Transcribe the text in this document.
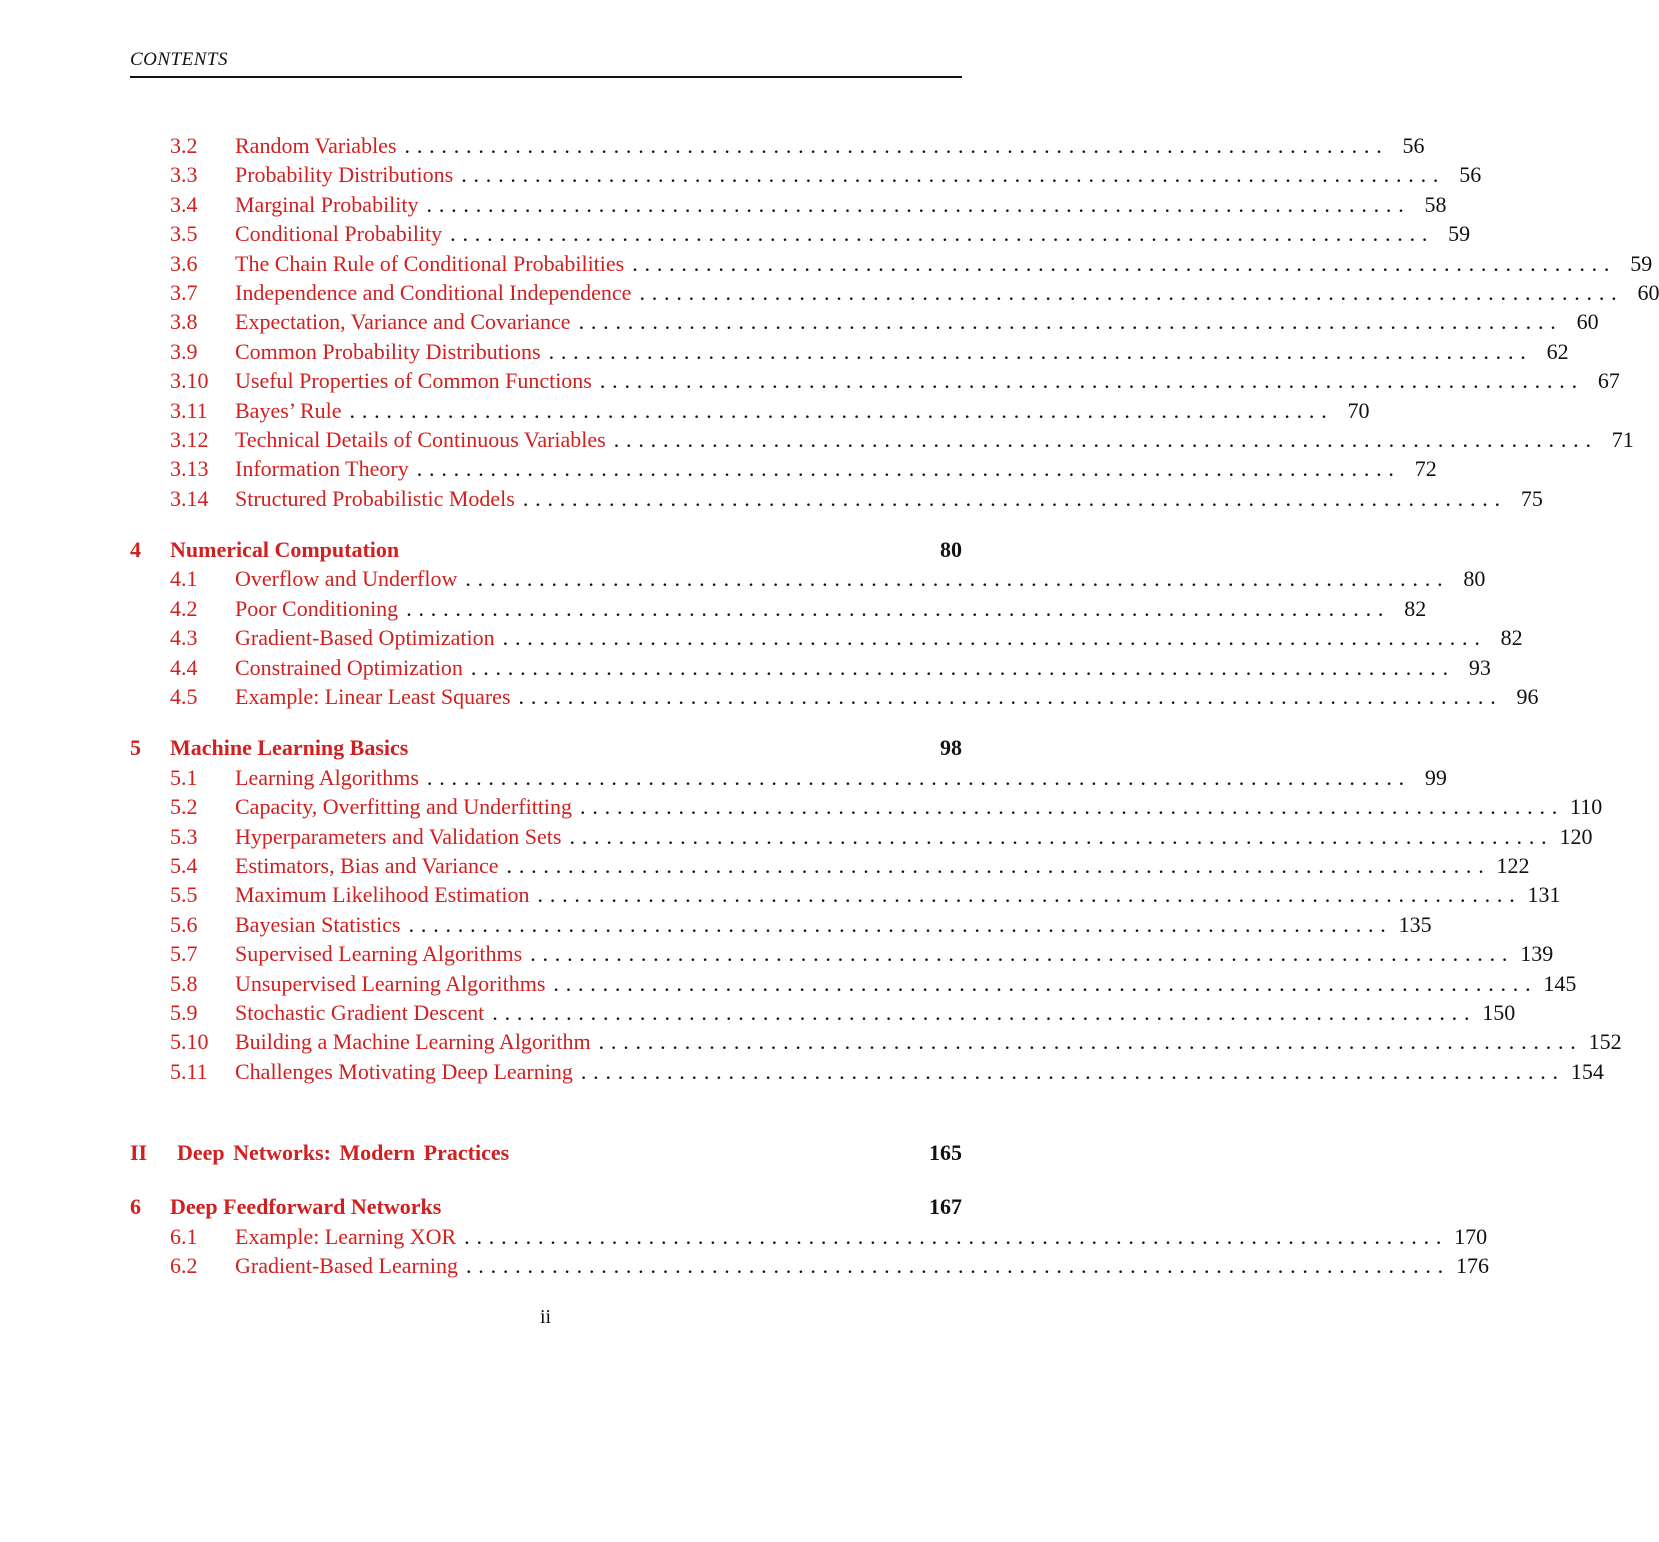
CONTENTS
3.2 Random Variables ................................................................................ 56
3.3 Probability Distributions ................................................................................ 56
3.4 Marginal Probability ................................................................................ 58
3.5 Conditional Probability ................................................................................ 59
3.6 The Chain Rule of Conditional Probabilities ................................................................................ 59
3.7 Independence and Conditional Independence ................................................................................ 60
3.8 Expectation, Variance and Covariance ................................................................................ 60
3.9 Common Probability Distributions ................................................................................ 62
3.10 Useful Properties of Common Functions ................................................................................ 67
3.11 Bayes’ Rule ................................................................................ 70
3.12 Technical Details of Continuous Variables ................................................................................ 71
3.13 Information Theory ................................................................................ 72
3.14 Structured Probabilistic Models ................................................................................ 75
4 Numerical Computation	80
4.1 Overflow and Underflow ................................................................................ 80
4.2 Poor Conditioning ................................................................................ 82
4.3 Gradient-Based Optimization ................................................................................ 82
4.4 Constrained Optimization ................................................................................ 93
4.5 Example: Linear Least Squares ................................................................................ 96
5 Machine Learning Basics	98
5.1 Learning Algorithms ................................................................................ 99
5.2 Capacity, Overfitting and Underfitting ................................................................................ 110
5.3 Hyperparameters and Validation Sets ................................................................................ 120
5.4 Estimators, Bias and Variance ................................................................................ 122
5.5 Maximum Likelihood Estimation ................................................................................ 131
5.6 Bayesian Statistics ................................................................................ 135
5.7 Supervised Learning Algorithms ................................................................................ 139
5.8 Unsupervised Learning Algorithms ................................................................................ 145
5.9 Stochastic Gradient Descent ................................................................................ 150
5.10 Building a Machine Learning Algorithm ................................................................................ 152
5.11 Challenges Motivating Deep Learning ................................................................................ 154
II Deep Networks: Modern Practices	165
6 Deep Feedforward Networks	167
6.1 Example: Learning XOR ................................................................................ 170
6.2 Gradient-Based Learning ................................................................................ 176
ii
